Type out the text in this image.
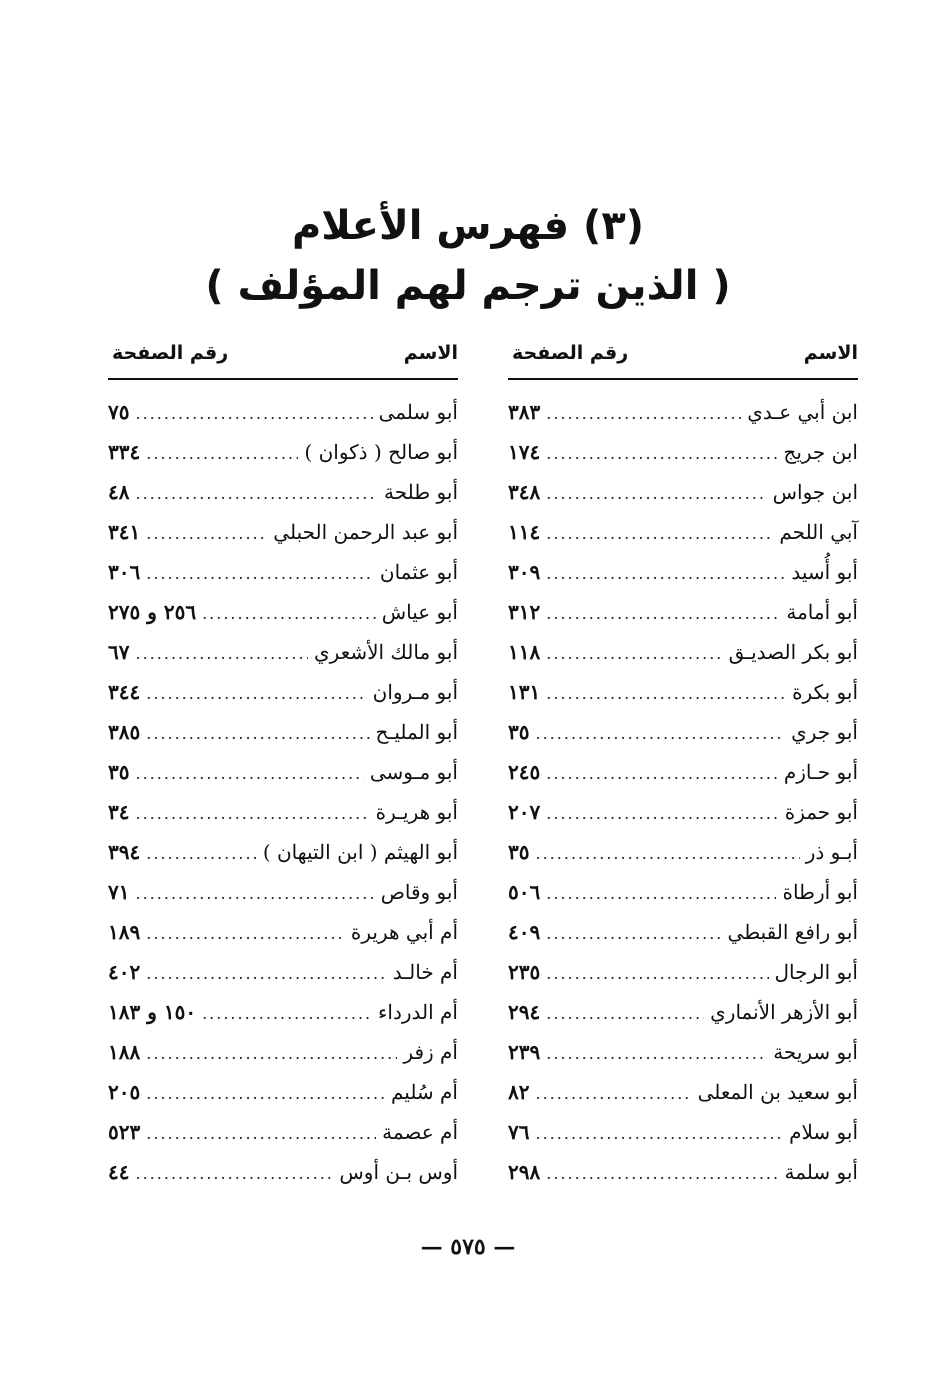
(٣) فهرس الأعلام
( الذين ترجم لهم المؤلف )
الاسم
رقم الصفحة
ابن أبي عـدي
.....
٣٨٣
ابن جريج
.....
١٧٤
ابن جواس
.....
٣٤٨
آبي اللحم
.....
١١٤
أبو أُسيد
.....
٣٠٩
أبو أمامة
.....
٣١٢
أبو بكر الصديـق
.....
١١٨
أبو بكرة
.....
١٣١
أبو جري
.....
٣٥
أبو حـازم
.....
٢٤٥
أبو حمزة
.....
٢٠٧
أبـو ذر
.....
٣٥
أبو أرطاة
.....
٥٠٦
أبو رافع القبطي
.....
٤٠٩
أبو الرجال
.....
٢٣٥
أبو الأزهر الأنماري
.....
٢٩٤
أبو سريحة
.....
٢٣٩
أبو سعيد بن المعلى
.....
٨٢
أبو سلام
.....
٧٦
أبو سلمة
.....
٢٩٨
الاسم
رقم الصفحة
أبو سلمى
.....
٧٥
أبو صالح ( ذكوان )
.....
٣٣٤
أبو طلحة
.....
٤٨
أبو عبد الرحمن الحبلي
.....
٣٤١
أبو عثمان
.....
٣٠٦
أبو عياش
.....
٢٥٦ و ٢٧٥
أبو مالك الأشعري
.....
٦٧
أبو مـروان
.....
٣٤٤
أبو المليـح
.....
٣٨٥
أبو مـوسى
.....
٣٥
أبو هريـرة
.....
٣٤
أبو الهيثم ( ابن التيهان )
.....
٣٩٤
أبو وقاص
.....
٧١
أم أبي هريرة
.....
١٨٩
أم خالـد
.....
٤٠٢
أم الدرداء
.....
١٥٠ و ١٨٣
أم زفر
.....
١٨٨
أم سُليم
.....
٢٠٥
أم عصمة
.....
٥٢٣
أوس بـن أوس
.....
٤٤
— ٥٧٥ —
